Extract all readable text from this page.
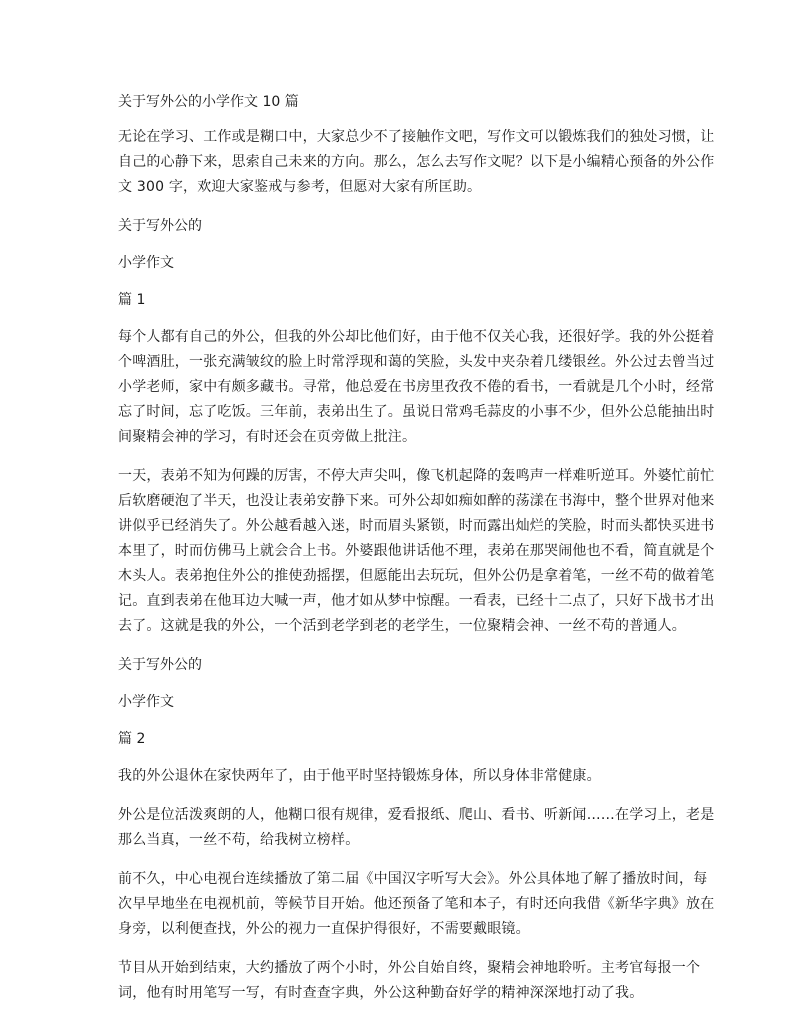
关于写外公的小学作文 10 篇

无论在学习、工作或是糊口中，大家总少不了接触作文吧，写作文可以锻炼我们的独处习惯，让自己的心静下来，思索自己未来的方向。那么，怎么去写作文呢？以下是小编精心预备的外公作文 300 字，欢迎大家鉴戒与参考，但愿对大家有所匡助。

关于写外公的

小学作文

篇 1

每个人都有自己的外公，但我的外公却比他们好，由于他不仅关心我，还很好学。我的外公挺着个啤酒肚，一张充满皱纹的脸上时常浮现和蔼的笑脸，头发中夹杂着几缕银丝。外公过去曾当过小学老师，家中有颇多藏书。寻常，他总爱在书房里孜孜不倦的看书，一看就是几个小时，经常忘了时间，忘了吃饭。三年前，表弟出生了。虽说日常鸡毛蒜皮的小事不少，但外公总能抽出时间聚精会神的学习，有时还会在页旁做上批注。

一天，表弟不知为何躁的厉害，不停大声尖叫，像飞机起降的轰鸣声一样难听逆耳。外婆忙前忙后软磨硬泡了半天，也没让表弟安静下来。可外公却如痴如醉的荡漾在书海中，整个世界对他来讲似乎已经消失了。外公越看越入迷，时而眉头紧锁，时而露出灿烂的笑脸，时而头都快买进书本里了，时而仿佛马上就会合上书。外婆跟他讲话他不理，表弟在那哭闹他也不看，简直就是个木头人。表弟抱住外公的推使劲摇摆，但愿能出去玩玩，但外公仍是拿着笔，一丝不苟的做着笔记。直到表弟在他耳边大喊一声，他才如从梦中惊醒。一看表，已经十二点了，只好下战书才出去了。这就是我的外公，一个活到老学到老的老学生，一位聚精会神、一丝不苟的普通人。

关于写外公的

小学作文

篇 2

我的外公退休在家快两年了，由于他平时坚持锻炼身体，所以身体非常健康。

外公是位活泼爽朗的人，他糊口很有规律，爱看报纸、爬山、看书、听新闻……在学习上，老是那么当真，一丝不苟，给我树立榜样。

前不久，中心电视台连续播放了第二届《中国汉字听写大会》。外公具体地了解了播放时间，每次早早地坐在电视机前，等候节目开始。他还预备了笔和本子，有时还向我借《新华字典》放在身旁，以利便查找，外公的视力一直保护得很好，不需要戴眼镜。

节目从开始到结束，大约播放了两个小时，外公自始自终，聚精会神地聆听。主考官每报一个词，他有时用笔写一写，有时查查字典，外公这种勤奋好学的精神深深地打动了我。
